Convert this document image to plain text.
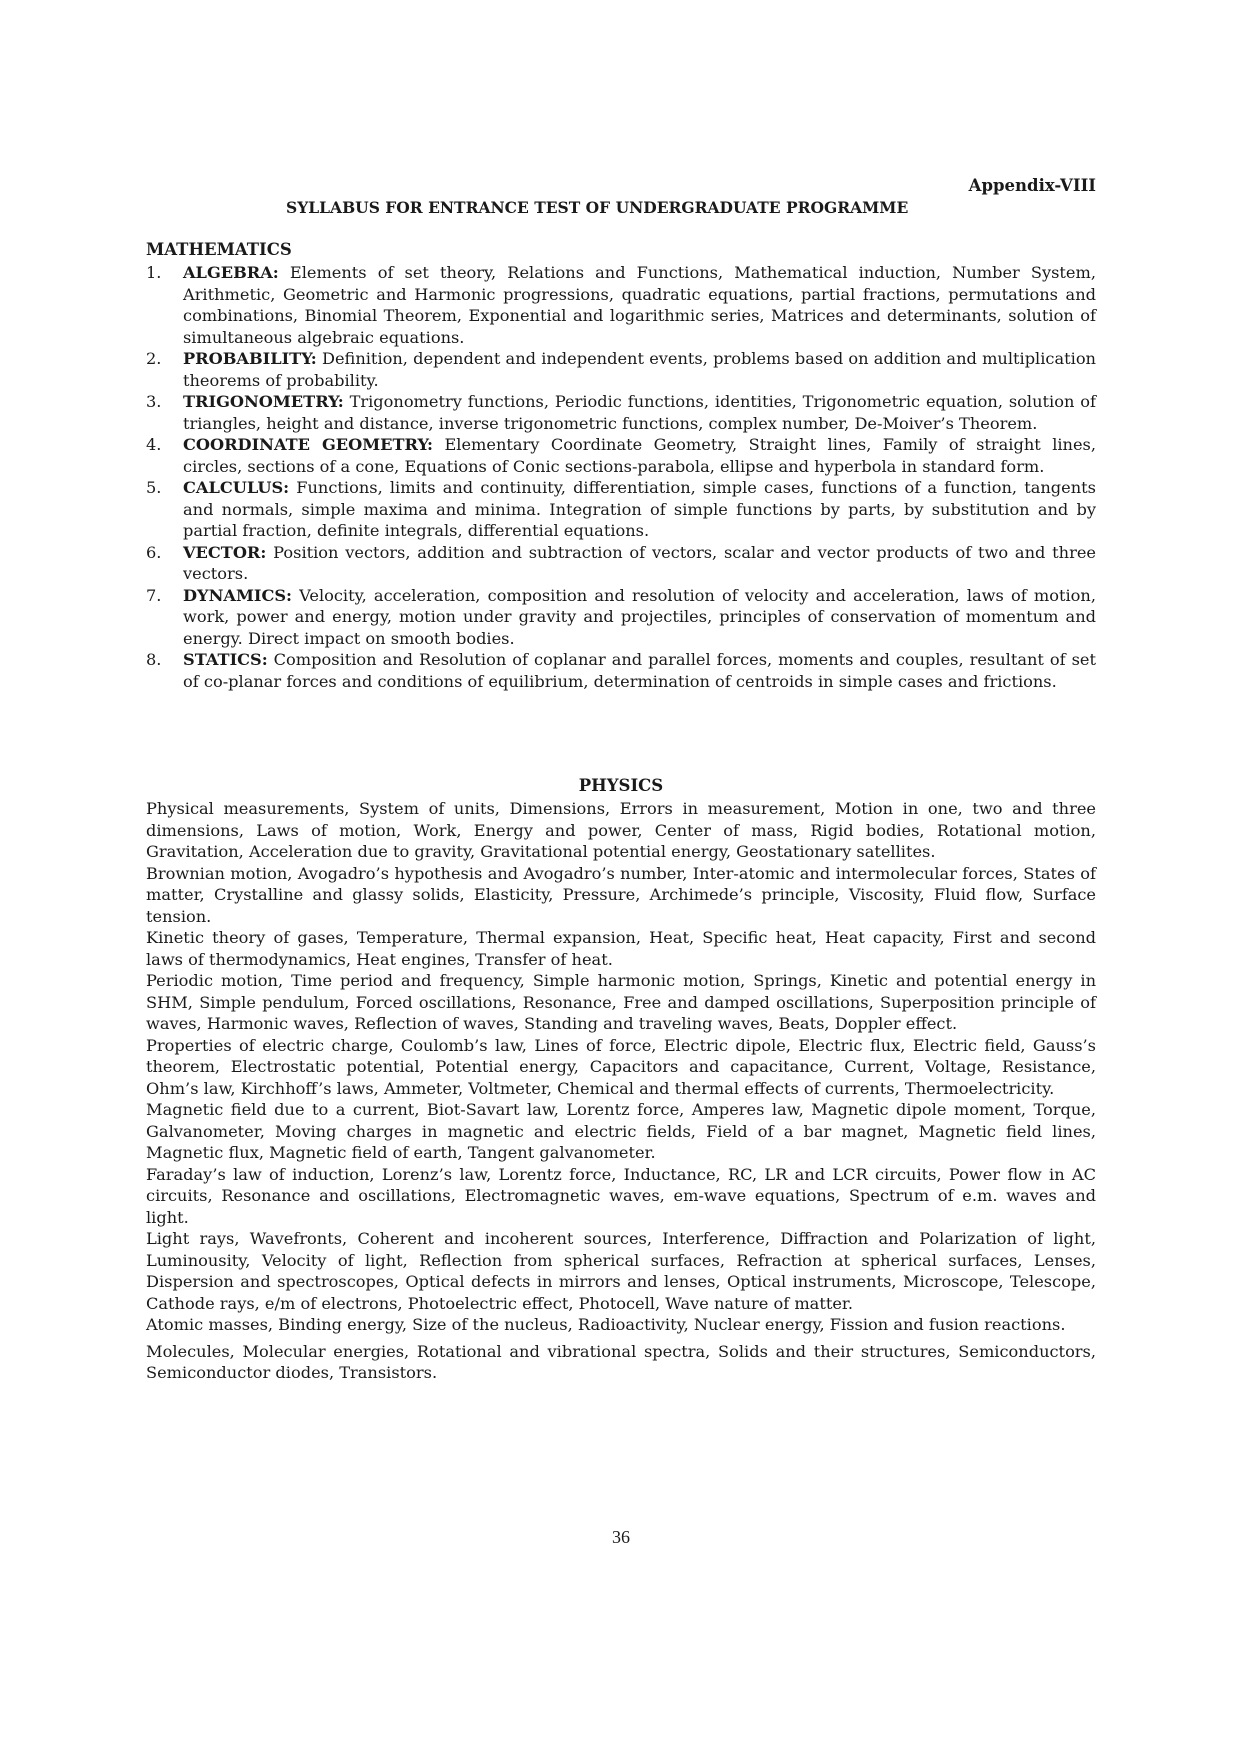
Appendix-VIII
SYLLABUS FOR ENTRANCE TEST OF UNDERGRADUATE PROGRAMME
MATHEMATICS
1. ALGEBRA: Elements of set theory, Relations and Functions, Mathematical induction, Number System, Arithmetic, Geometric and Harmonic progressions, quadratic equations, partial fractions, permutations and combinations, Binomial Theorem, Exponential and logarithmic series, Matrices and determinants, solution of simultaneous algebraic equations.
2. PROBABILITY: Definition, dependent and independent events, problems based on addition and multiplication theorems of probability.
3. TRIGONOMETRY: Trigonometry functions, Periodic functions, identities, Trigonometric equation, solution of triangles, height and distance, inverse trigonometric functions, complex number, De-Moiver’s Theorem.
4. COORDINATE GEOMETRY: Elementary Coordinate Geometry, Straight lines, Family of straight lines, circles, sections of a cone, Equations of Conic sections-parabola, ellipse and hyperbola in standard form.
5. CALCULUS: Functions, limits and continuity, differentiation, simple cases, functions of a function, tangents and normals, simple maxima and minima. Integration of simple functions by parts, by substitution and by partial fraction, definite integrals, differential equations.
6. VECTOR: Position vectors, addition and subtraction of vectors, scalar and vector products of two and three vectors.
7. DYNAMICS: Velocity, acceleration, composition and resolution of velocity and acceleration, laws of motion, work, power and energy, motion under gravity and projectiles, principles of conservation of momentum and energy. Direct impact on smooth bodies.
8. STATICS: Composition and Resolution of coplanar and parallel forces, moments and couples, resultant of set of co-planar forces and conditions of equilibrium, determination of centroids in simple cases and frictions.
PHYSICS

Physical measurements, System of units, Dimensions, Errors in measurement, Motion in one, two and three dimensions, Laws of motion, Work, Energy and power, Center of mass, Rigid bodies, Rotational motion, Gravitation, Acceleration due to gravity, Gravitational potential energy, Geostationary satellites.

Brownian motion, Avogadro’s hypothesis and Avogadro’s number, Inter-atomic and intermolecular forces, States of matter, Crystalline and glassy solids, Elasticity, Pressure, Archimede’s principle, Viscosity, Fluid flow, Surface tension.

Kinetic theory of gases, Temperature, Thermal expansion, Heat, Specific heat, Heat capacity, First and second laws of thermodynamics, Heat engines, Transfer of heat.

Periodic motion, Time period and frequency, Simple harmonic motion, Springs, Kinetic and potential energy in SHM, Simple pendulum, Forced oscillations, Resonance, Free and damped oscillations, Superposition principle of waves, Harmonic waves, Reflection of waves, Standing and traveling waves, Beats, Doppler effect.

Properties of electric charge, Coulomb’s law, Lines of force, Electric dipole, Electric flux, Electric field, Gauss’s theorem, Electrostatic potential, Potential energy, Capacitors and capacitance, Current, Voltage, Resistance, Ohm’s law, Kirchhoff’s laws, Ammeter, Voltmeter, Chemical and thermal effects of currents, Thermoelectricity.

Magnetic field due to a current, Biot-Savart law, Lorentz force, Amperes law, Magnetic dipole moment, Torque, Galvanometer, Moving charges in magnetic and electric fields, Field of a bar magnet, Magnetic field lines, Magnetic flux, Magnetic field of earth, Tangent galvanometer.

Faraday’s law of induction, Lorenz’s law, Lorentz force, Inductance, RC, LR and LCR circuits, Power flow in AC circuits, Resonance and oscillations, Electromagnetic waves, em-wave equations, Spectrum of e.m. waves and light.

Light rays, Wavefronts, Coherent and incoherent sources, Interference, Diffraction and Polarization of light, Luminousity, Velocity of light, Reflection from spherical surfaces, Refraction at spherical surfaces, Lenses, Dispersion and spectroscopes, Optical defects in mirrors and lenses, Optical instruments, Microscope, Telescope, Cathode rays, e/m of electrons, Photoelectric effect, Photocell, Wave nature of matter.

Atomic masses, Binding energy, Size of the nucleus, Radioactivity, Nuclear energy, Fission and fusion reactions.

Molecules, Molecular energies, Rotational and vibrational spectra, Solids and their structures, Semiconductors, Semiconductor diodes, Transistors.

36
